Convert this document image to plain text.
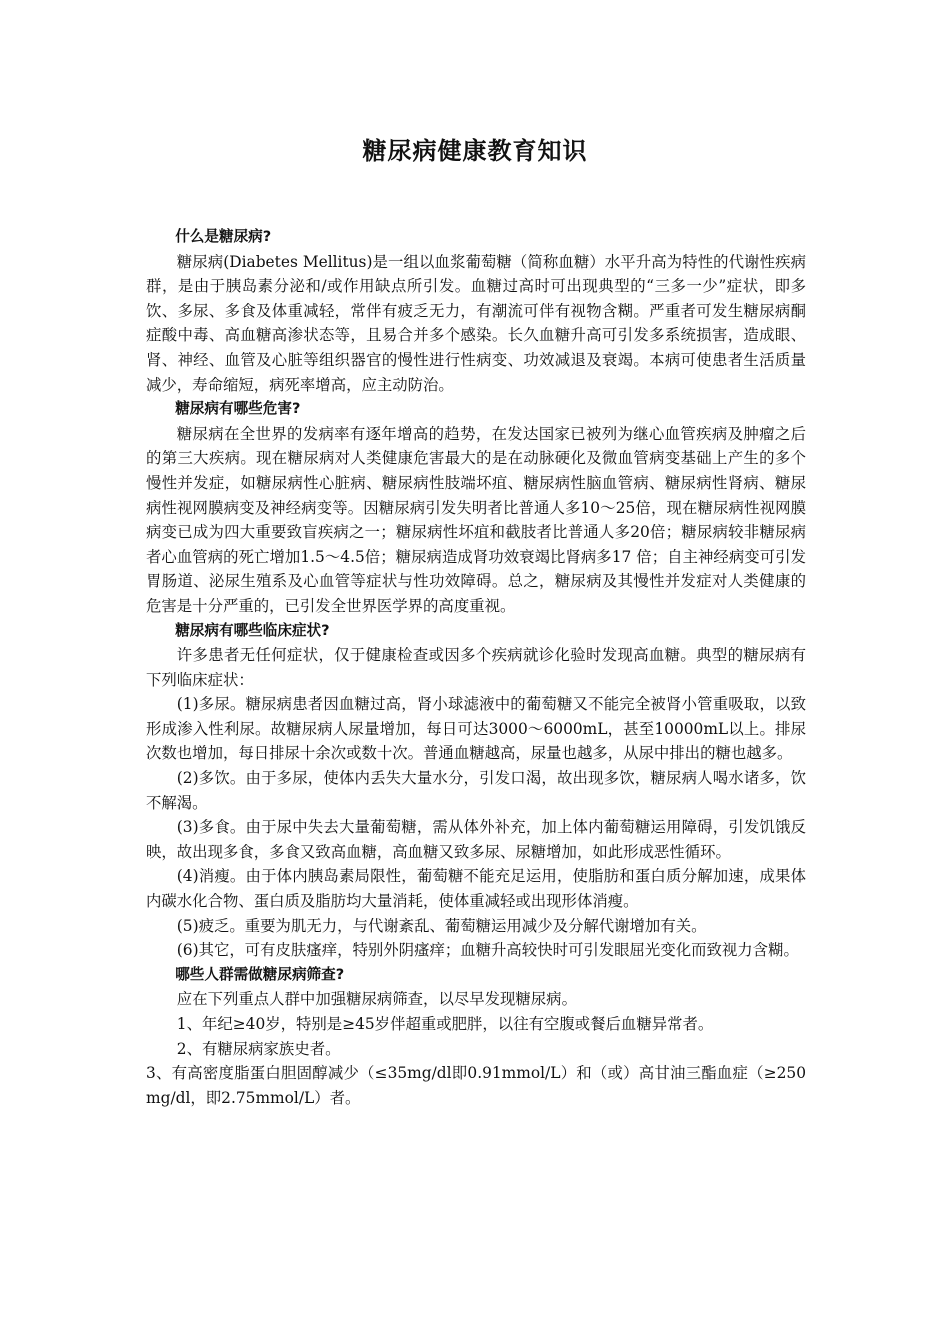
糖尿病健康教育知识

什么是糖尿病?

糖尿病(Diabetes Mellitus)是一组以血浆葡萄糖（简称血糖）水平升高为特性的代谢性疾病群，是由于胰岛素分泌和/或作用缺点所引发。血糖过高时可出现典型的“三多一少”症状，即多饮、多尿、多食及体重减轻，常伴有疲乏无力，有潮流可伴有视物含糊。严重者可发生糖尿病酮症酸中毒、高血糖高渗状态等，且易合并多个感染。长久血糖升高可引发多系统损害，造成眼、肾、神经、血管及心脏等组织器官的慢性进行性病变、功效减退及衰竭。本病可使患者生活质量减少，寿命缩短，病死率增高，应主动防治。

糖尿病有哪些危害?

糖尿病在全世界的发病率有逐年增高的趋势，在发达国家已被列为继心血管疾病及肿瘤之后的第三大疾病。现在糖尿病对人类健康危害最大的是在动脉硬化及微血管病变基础上产生的多个慢性并发症，如糖尿病性心脏病、糖尿病性肢端坏疽、糖尿病性脑血管病、糖尿病性肾病、糖尿病性视网膜病变及神经病变等。因糖尿病引发失明者比普通人多10～25倍，现在糖尿病性视网膜病变已成为四大重要致盲疾病之一；糖尿病性坏疽和截肢者比普通人多20倍；糖尿病较非糖尿病者心血管病的死亡增加1.5～4.5倍；糖尿病造成肾功效衰竭比肾病多17 倍；自主神经病变可引发胃肠道、泌尿生殖系及心血管等症状与性功效障碍。总之，糖尿病及其慢性并发症对人类健康的危害是十分严重的，已引发全世界医学界的高度重视。

糖尿病有哪些临床症状?

许多患者无任何症状，仅于健康检查或因多个疾病就诊化验时发现高血糖。典型的糖尿病有下列临床症状：

(1)多尿。糖尿病患者因血糖过高，肾小球滤液中的葡萄糖又不能完全被肾小管重吸取，以致形成渗入性利尿。故糖尿病人尿量增加，每日可达3000～6000mL，甚至10000mL以上。排尿次数也增加，每日排尿十余次或数十次。普通血糖越高，尿量也越多，从尿中排出的糖也越多。

(2)多饮。由于多尿，使体内丢失大量水分，引发口渴，故出现多饮，糖尿病人喝水诸多，饮不解渴。

(3)多食。由于尿中失去大量葡萄糖，需从体外补充，加上体内葡萄糖运用障碍，引发饥饿反映，故出现多食，多食又致高血糖，高血糖又致多尿、尿糖增加，如此形成恶性循环。

(4)消瘦。由于体内胰岛素局限性，葡萄糖不能充足运用，使脂肪和蛋白质分解加速，成果体内碳水化合物、蛋白质及脂肪均大量消耗，使体重减轻或出现形体消瘦。

(5)疲乏。重要为肌无力，与代谢紊乱、葡萄糖运用减少及分解代谢增加有关。

(6)其它，可有皮肤瘙痒，特别外阴瘙痒；血糖升高较快时可引发眼屈光变化而致视力含糊。

哪些人群需做糖尿病筛查?

应在下列重点人群中加强糖尿病筛查，以尽早发现糖尿病。

1、年纪≥40岁，特别是≥45岁伴超重或肥胖，以往有空腹或餐后血糖异常者。

2、有糖尿病家族史者。

3、有高密度脂蛋白胆固醇减少（≤35mg/dl即0.91mmol/L）和（或）高甘油三酯血症（≥250mg/dl，即2.75mmol/L）者。
